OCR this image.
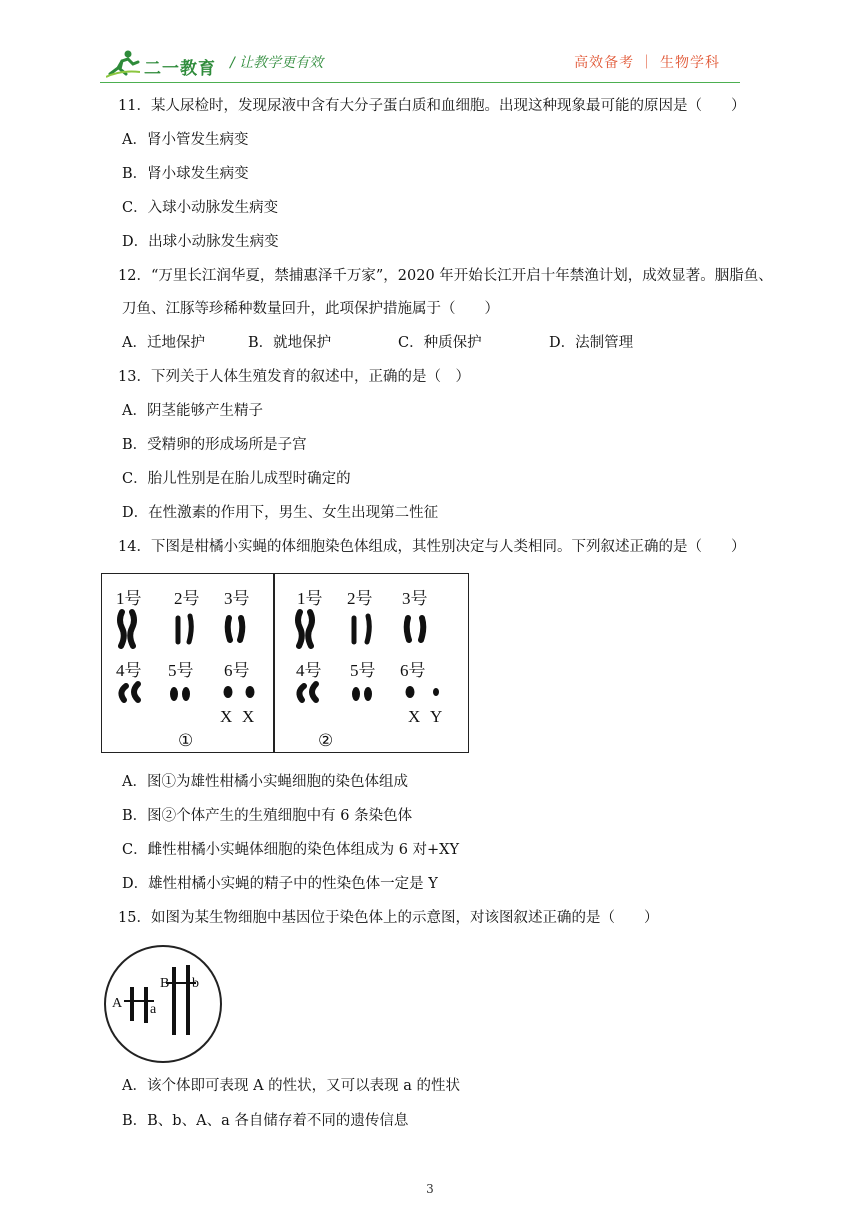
二一教育 / 让教学更有效	高效备考 ｜ 生物学科
11．某人尿检时，发现尿液中含有大分子蛋白质和血细胞。出现这种现象最可能的原因是（　　）
A．肾小管发生病变
B．肾小球发生病变
C．入球小动脉发生病变
D．出球小动脉发生病变
12．“万里长江润华夏，禁捕惠泽千万家”，2020 年开始长江开启十年禁渔计划，成效显著。胭脂鱼、
刀鱼、江豚等珍稀种数量回升，此项保护措施属于（　　）
A．迁地保护	B．就地保护	C．种质保护	D．法制管理
13．下列关于人体生殖发育的叙述中，正确的是（　）
A．阴茎能够产生精子
B．受精卵的形成场所是子宫
C．胎儿性别是在胎儿成型时确定的
D．在性激素的作用下，男生、女生出现第二性征
14．下图是柑橘小实蝇的体细胞染色体组成，其性别决定与人类相同。下列叙述正确的是（　　）
1号 2号 3号
4号 5号 6号
X X
①
1号 2号 3号
4号 5号 6号
X Y
②
A．图①为雄性柑橘小实蝇细胞的染色体组成
B．图②个体产生的生殖细胞中有 6 条染色体
C．雌性柑橘小实蝇体细胞的染色体组成为 6 对+XY
D．雄性柑橘小实蝇的精子中的性染色体一定是 Y
15．如图为某生物细胞中基因位于染色体上的示意图，对该图叙述正确的是（　　）
A a
B b
A．该个体即可表现 A 的性状，又可以表现 a 的性状
B．B、b、A、a 各自储存着不同的遗传信息
3
